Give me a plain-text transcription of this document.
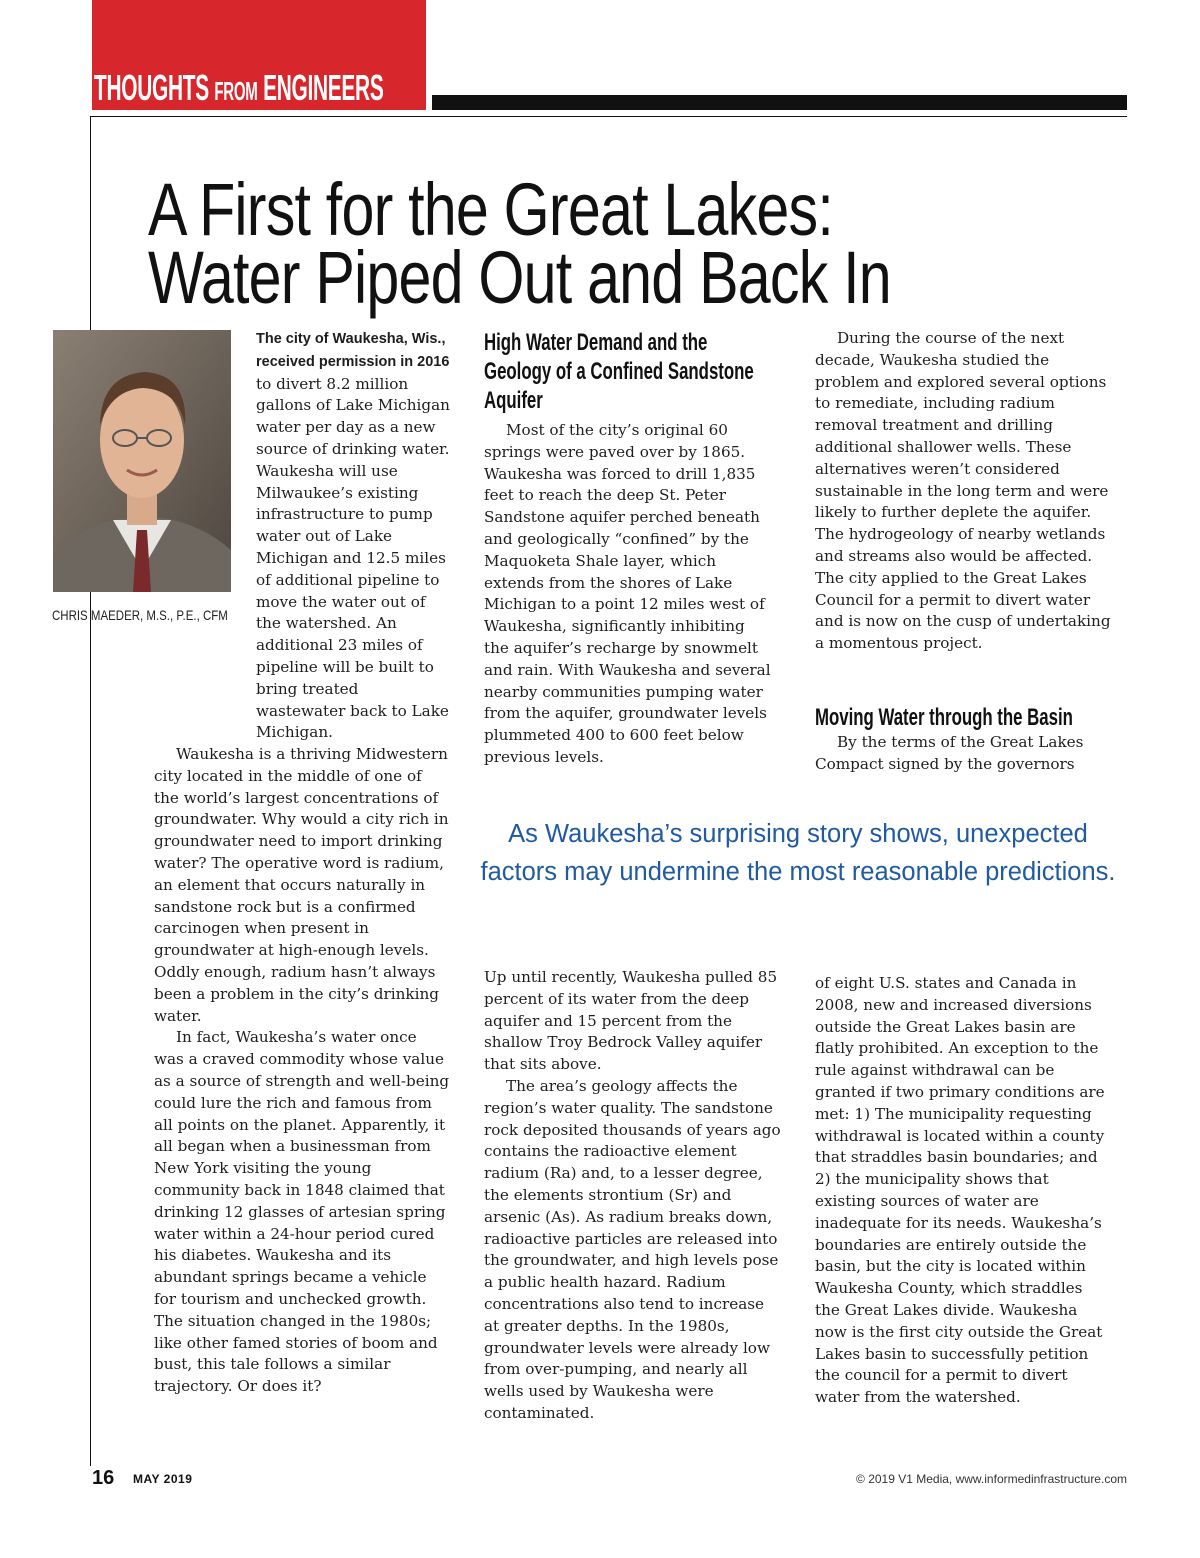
THOUGHTS FROM ENGINEERS
A First for the Great Lakes:
Water Piped Out and Back In

CHRIS MAEDER, M.S., P.E., CFM

The city of Waukesha, Wis., received permission in 2016 to divert 8.2 million gallons of Lake Michigan water per day as a new source of drinking water. Waukesha will use Milwaukee’s existing infrastructure to pump water out of Lake Michigan and 12.5 miles of additional pipeline to move the water out of the watershed. An additional 23 miles of pipeline will be built to bring treated wastewater back to Lake Michigan.

Waukesha is a thriving Midwestern city located in the middle of one of the world’s largest concentrations of groundwater. Why would a city rich in groundwater need to import drinking water? The operative word is radium, an element that occurs naturally in sandstone rock but is a confirmed carcinogen when present in groundwater at high-enough levels. Oddly enough, radium hasn’t always been a problem in the city’s drinking water.

In fact, Waukesha’s water once was a craved commodity whose value as a source of strength and well-being could lure the rich and famous from all points on the planet. Apparently, it all began when a businessman from New York visiting the young community back in 1848 claimed that drinking 12 glasses of artesian spring water within a 24-hour period cured his diabetes. Waukesha and its abundant springs became a vehicle for tourism and unchecked growth. The situation changed in the 1980s; like other famed stories of boom and bust, this tale follows a similar trajectory. Or does it?

High Water Demand and the
Geology of a Confined Sandstone
Aquifer

Most of the city’s original 60 springs were paved over by 1865. Waukesha was forced to drill 1,835 feet to reach the deep St. Peter Sandstone aquifer perched beneath and geologically “confined” by the Maquoketa Shale layer, which extends from the shores of Lake Michigan to a point 12 miles west of Waukesha, significantly inhibiting the aquifer’s recharge by snowmelt and rain. With Waukesha and several nearby communities pumping water from the aquifer, groundwater levels plummeted 400 to 600 feet below previous levels.

During the course of the next decade, Waukesha studied the problem and explored several options to remediate, including radium removal treatment and drilling additional shallower wells. These alternatives weren’t considered sustainable in the long term and were likely to further deplete the aquifer. The hydrogeology of nearby wetlands and streams also would be affected. The city applied to the Great Lakes Council for a permit to divert water and is now on the cusp of undertaking a momentous project.

Moving Water through the Basin

By the terms of the Great Lakes Compact signed by the governors

As Waukesha’s surprising story shows, unexpected factors may undermine the most reasonable predictions.

Up until recently, Waukesha pulled 85 percent of its water from the deep aquifer and 15 percent from the shallow Troy Bedrock Valley aquifer that sits above.

The area’s geology affects the region’s water quality. The sandstone rock deposited thousands of years ago contains the radioactive element radium (Ra) and, to a lesser degree, the elements strontium (Sr) and arsenic (As). As radium breaks down, radioactive particles are released into the groundwater, and high levels pose a public health hazard. Radium concentrations also tend to increase at greater depths. In the 1980s, groundwater levels were already low from over-pumping, and nearly all wells used by Waukesha were contaminated.

of eight U.S. states and Canada in 2008, new and increased diversions outside the Great Lakes basin are flatly prohibited. An exception to the rule against withdrawal can be granted if two primary conditions are met: 1) The municipality requesting withdrawal is located within a county that straddles basin boundaries; and 2) the municipality shows that existing sources of water are inadequate for its needs. Waukesha’s boundaries are entirely outside the basin, but the city is located within Waukesha County, which straddles the Great Lakes divide. Waukesha now is the first city outside the Great Lakes basin to successfully petition the council for a permit to divert water from the watershed.

16 MAY 2019	© 2019 V1 Media, www.informedinfrastructure.com
